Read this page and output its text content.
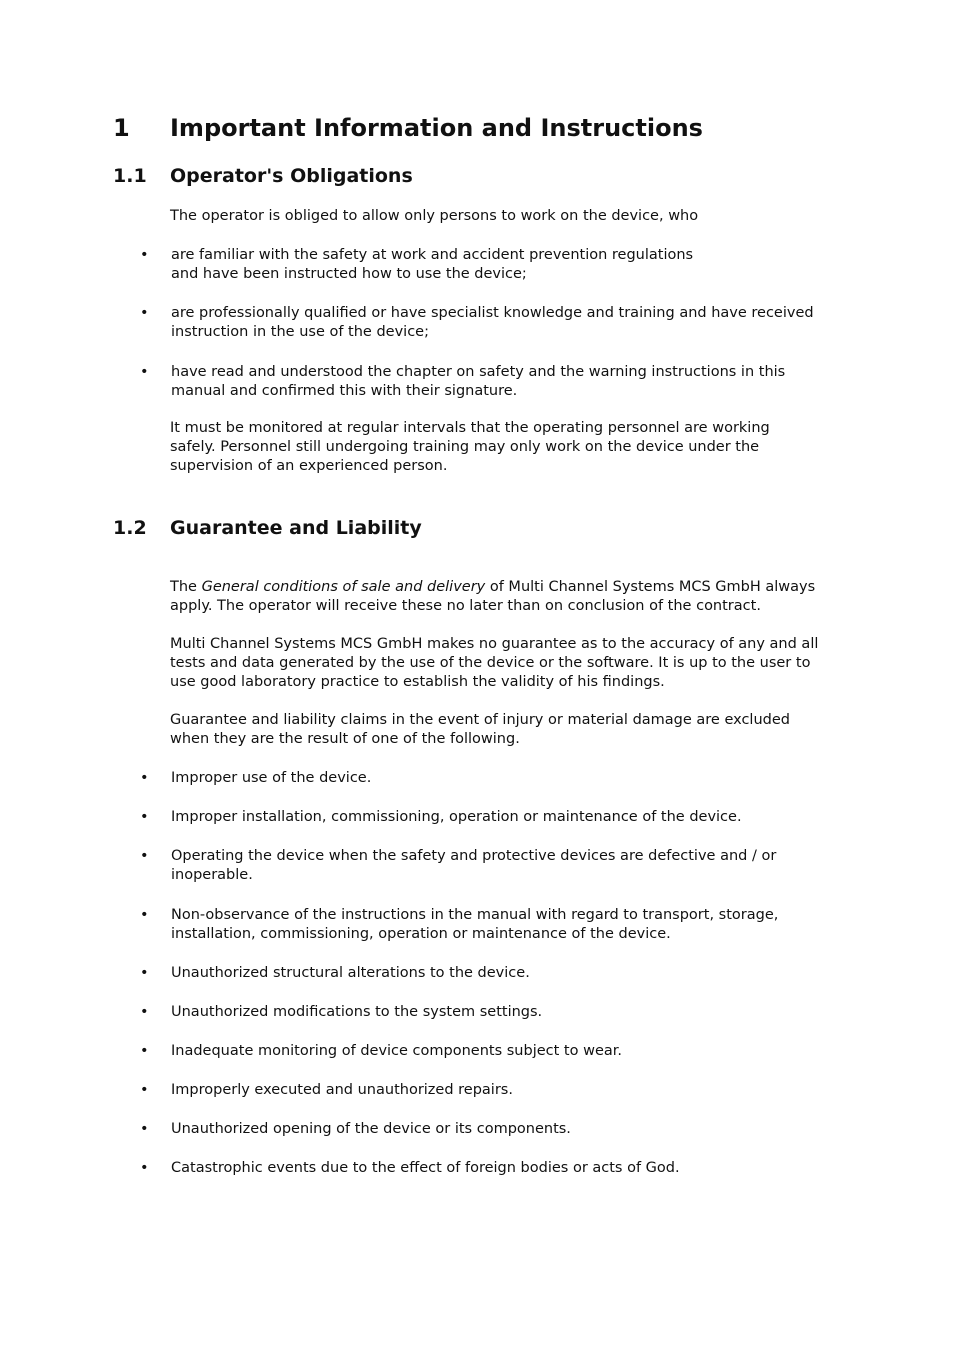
1 Important Information and Instructions
1.1 Operator's Obligations
The operator is obliged to allow only persons to work on the device, who
•	are familiar with the safety at work and accident prevention regulations
and have been instructed how to use the device;
•	are professionally qualified or have specialist knowledge and training and have received
instruction in the use of the device;
•	have read and understood the chapter on safety and the warning instructions in this
manual and confirmed this with their signature.
It must be monitored at regular intervals that the operating personnel are working
safely. Personnel still undergoing training may only work on the device under the
supervision of an experienced person.
1.2 Guarantee and Liability
The General conditions of sale and delivery of Multi Channel Systems MCS GmbH always
apply. The operator will receive these no later than on conclusion of the contract.
Multi Channel Systems MCS GmbH makes no guarantee as to the accuracy of any and all
tests and data generated by the use of the device or the software. It is up to the user to
use good laboratory practice to establish the validity of his findings.
Guarantee and liability claims in the event of injury or material damage are excluded
when they are the result of one of the following.
•	Improper use of the device.
•	Improper installation, commissioning, operation or maintenance of the device.
•	Operating the device when the safety and protective devices are defective and / or
inoperable.
•	Non-observance of the instructions in the manual with regard to transport, storage,
installation, commissioning, operation or maintenance of the device.
•	Unauthorized structural alterations to the device.
•	Unauthorized modifications to the system settings.
•	Inadequate monitoring of device components subject to wear.
•	Improperly executed and unauthorized repairs.
•	Unauthorized opening of the device or its components.
•	Catastrophic events due to the effect of foreign bodies or acts of God.
